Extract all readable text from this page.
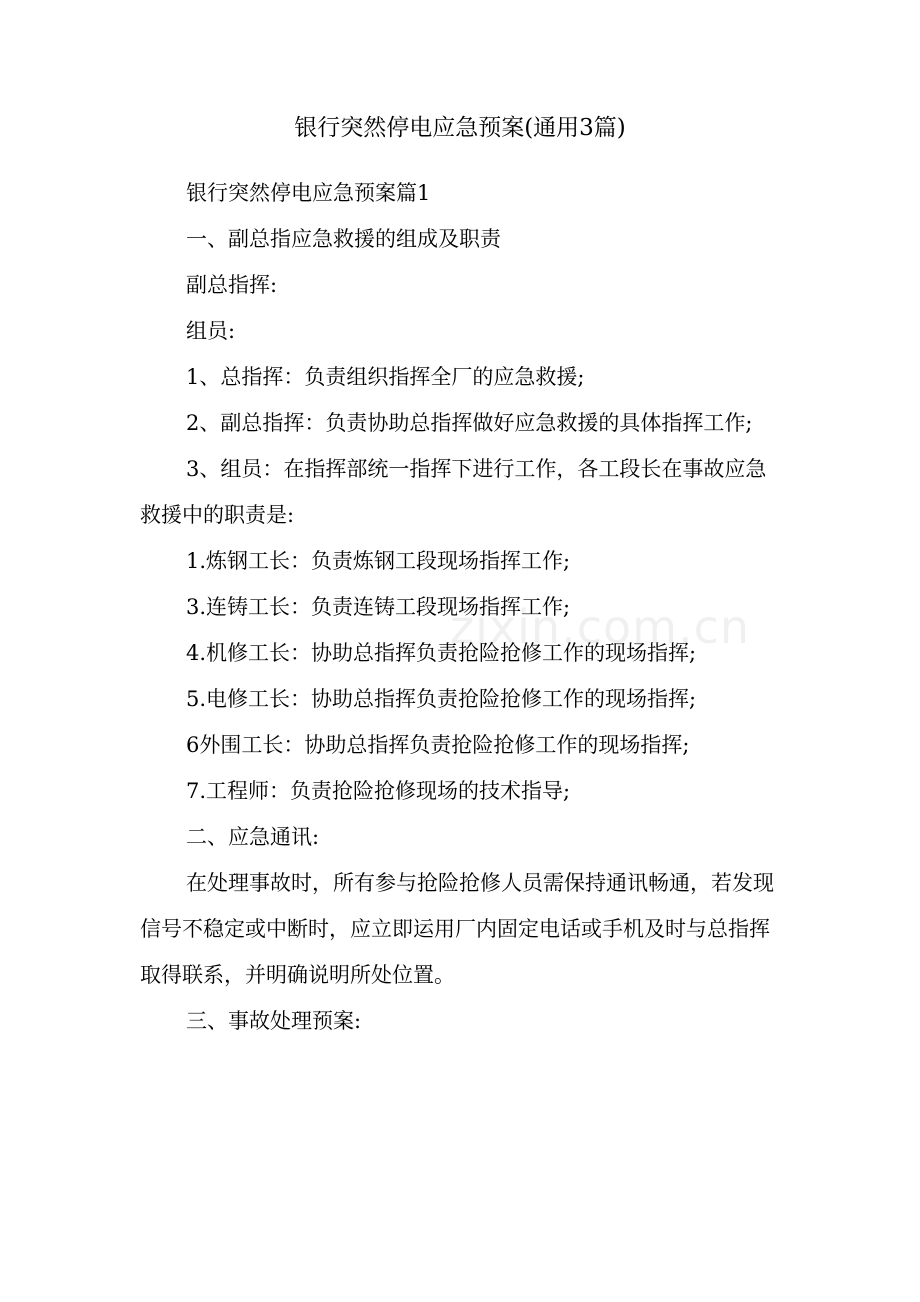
银行突然停电应急预案(通用3篇)

银行突然停电应急预案篇1

一、副总指应急救援的组成及职责

副总指挥:

组员:

1、总指挥：负责组织指挥全厂的应急救援;

2、副总指挥：负责协助总指挥做好应急救援的具体指挥工作;

3、组员：在指挥部统一指挥下进行工作，各工段长在事故应急救援中的职责是:

1.炼钢工长：负责炼钢工段现场指挥工作;

3.连铸工长：负责连铸工段现场指挥工作;

4.机修工长：协助总指挥负责抢险抢修工作的现场指挥;

5.电修工长：协助总指挥负责抢险抢修工作的现场指挥;

6外围工长：协助总指挥负责抢险抢修工作的现场指挥;

7.工程师：负责抢险抢修现场的技术指导;

二、应急通讯:

在处理事故时，所有参与抢险抢修人员需保持通讯畅通，若发现信号不稳定或中断时，应立即运用厂内固定电话或手机及时与总指挥取得联系，并明确说明所处位置。

三、事故处理预案:

zixin.com.cn
